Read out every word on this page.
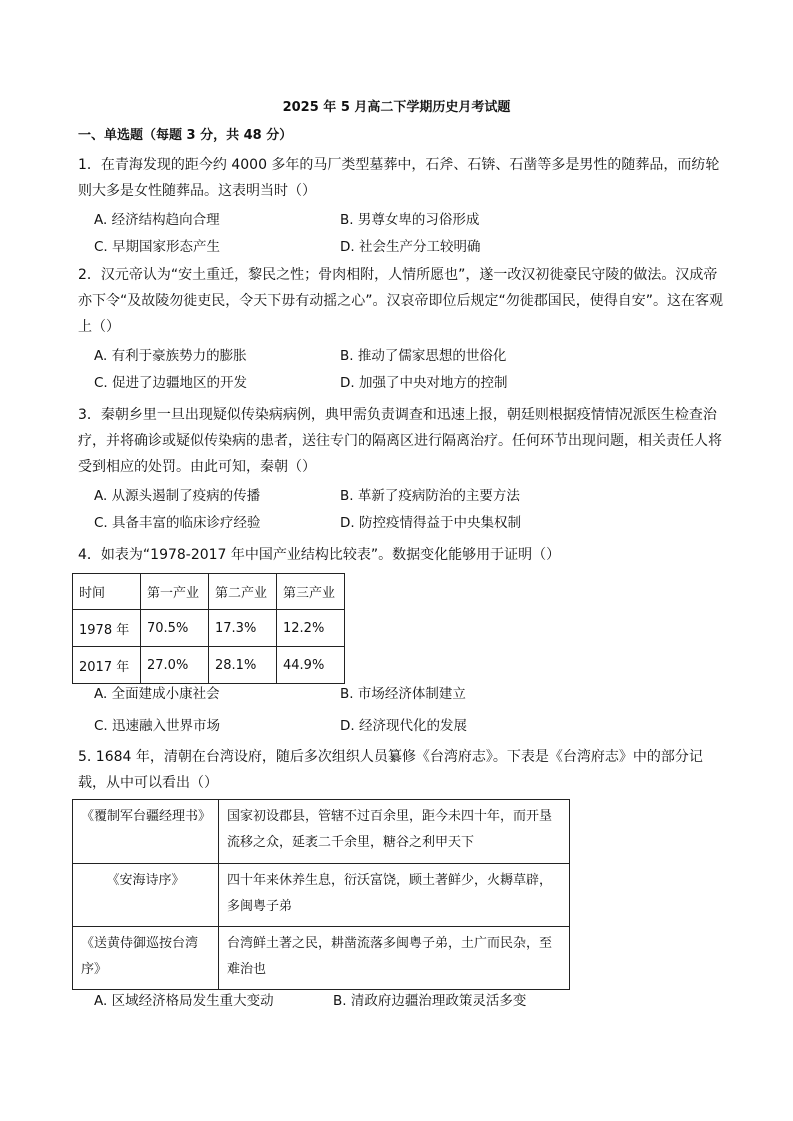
2025 年 5 月高二下学期历史月考试题
一、单选题（每题 3 分，共 48 分）
1．在青海发现的距今约 4000 多年的马厂类型墓葬中，石斧、石锛、石凿等多是男性的随葬品，而纺轮则大多是女性随葬品。这表明当时（）
A. 经济结构趋向合理	B. 男尊女卑的习俗形成
C. 早期国家形态产生	D. 社会生产分工较明确
2．汉元帝认为“安土重迁，黎民之性；骨肉相附，人情所愿也”，遂一改汉初徙豪民守陵的做法。汉成帝亦下令“及故陵勿徙吏民，令天下毋有动摇之心”。汉哀帝即位后规定“勿徙郡国民，使得自安”。这在客观上（）
A. 有利于豪族势力的膨胀	B. 推动了儒家思想的世俗化
C. 促进了边疆地区的开发	D. 加强了中央对地方的控制
3．秦朝乡里一旦出现疑似传染病病例，典甲需负责调查和迅速上报，朝廷则根据疫情情况派医生检查治疗，并将确诊或疑似传染病的患者，送往专门的隔离区进行隔离治疗。任何环节出现问题，相关责任人将受到相应的处罚。由此可知，秦朝（）
A. 从源头遏制了疫病的传播	B. 革新了疫病防治的主要方法
C. 具备丰富的临床诊疗经验	D. 防控疫情得益于中央集权制
4．如表为“1978-2017 年中国产业结构比较表”。数据变化能够用于证明（）
时间	第一产业	第二产业	第三产业
1978 年	70.5%	17.3%	12.2%
2017 年	27.0%	28.1%	44.9%
A. 全面建成小康社会	B. 市场经济体制建立
C. 迅速融入世界市场	D. 经济现代化的发展
5. 1684 年，清朝在台湾设府，随后多次组织人员纂修《台湾府志》。下表是《台湾府志》中的部分记载，从中可以看出（）
《覆制军台疆经理书》	国家初设郡县，管辖不过百余里，距今未四十年，而开垦流移之众，延袤二千余里，糖谷之利甲天下
《安海诗序》	四十年来休养生息，衍沃富饶，顾土著鲜少，火耨草辟，多闽粤子弟
《送黄侍御巡按台湾序》	台湾鲜土著之民，耕凿流落多闽粤子弟，土广而民杂，至难治也
A. 区域经济格局发生重大变动	B. 清政府边疆治理政策灵活多变
